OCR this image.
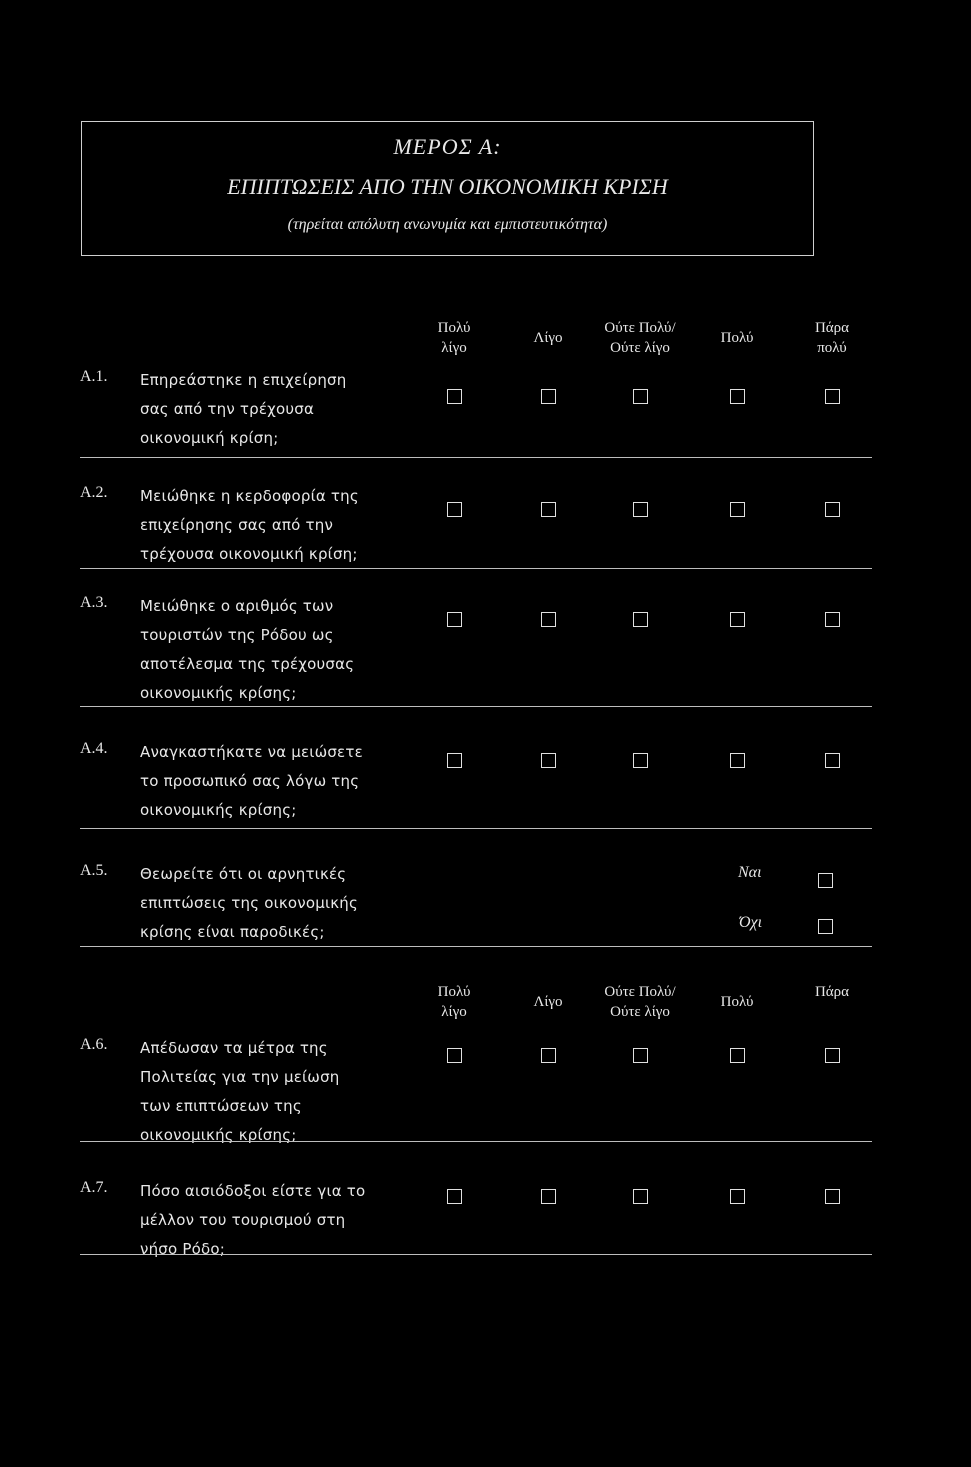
ΜΕΡΟΣ Α:
ΕΠΙΠΤΩΣΕΙΣ ΑΠΟ ΤΗΝ ΟΙΚΟΝΟΜΙΚΗ ΚΡΙΣΗ
(τηρείται απόλυτη ανωνυμία και εμπιστευτικότητα)
Πολύ
λίγο
Λίγο
Ούτε Πολύ/
Ούτε λίγο
Πολύ
Πάρα
πολύ
Πολύ
λίγο
Λίγο
Ούτε Πολύ/
Ούτε λίγο
Πολύ
Πάρα
Α.1. Επηρεάστηκε η επιχείρηση
σας από την τρέχουσα
οικονομική κρίση;
Α.2. Μειώθηκε η κερδοφορία της
επιχείρησης σας από την
τρέχουσα οικονομική κρίση;
Α.3. Μειώθηκε ο αριθμός των
τουριστών της Ρόδου ως
αποτέλεσμα της τρέχουσας
οικονομικής κρίσης;
Α.4. Αναγκαστήκατε να μειώσετε
το προσωπικό σας λόγω της
οικονομικής κρίσης;
Α.5. Θεωρείτε ότι οι αρνητικές
επιπτώσεις της οικονομικής
κρίσης είναι παροδικές;
Α.6. Απέδωσαν τα μέτρα της
Πολιτείας για την μείωση
των επιπτώσεων της
οικονομικής κρίσης;
Α.7. Πόσο αισιόδοξοι είστε για το
μέλλον του τουρισμού στη
νήσο Ρόδο;
Ναι
Όχι
